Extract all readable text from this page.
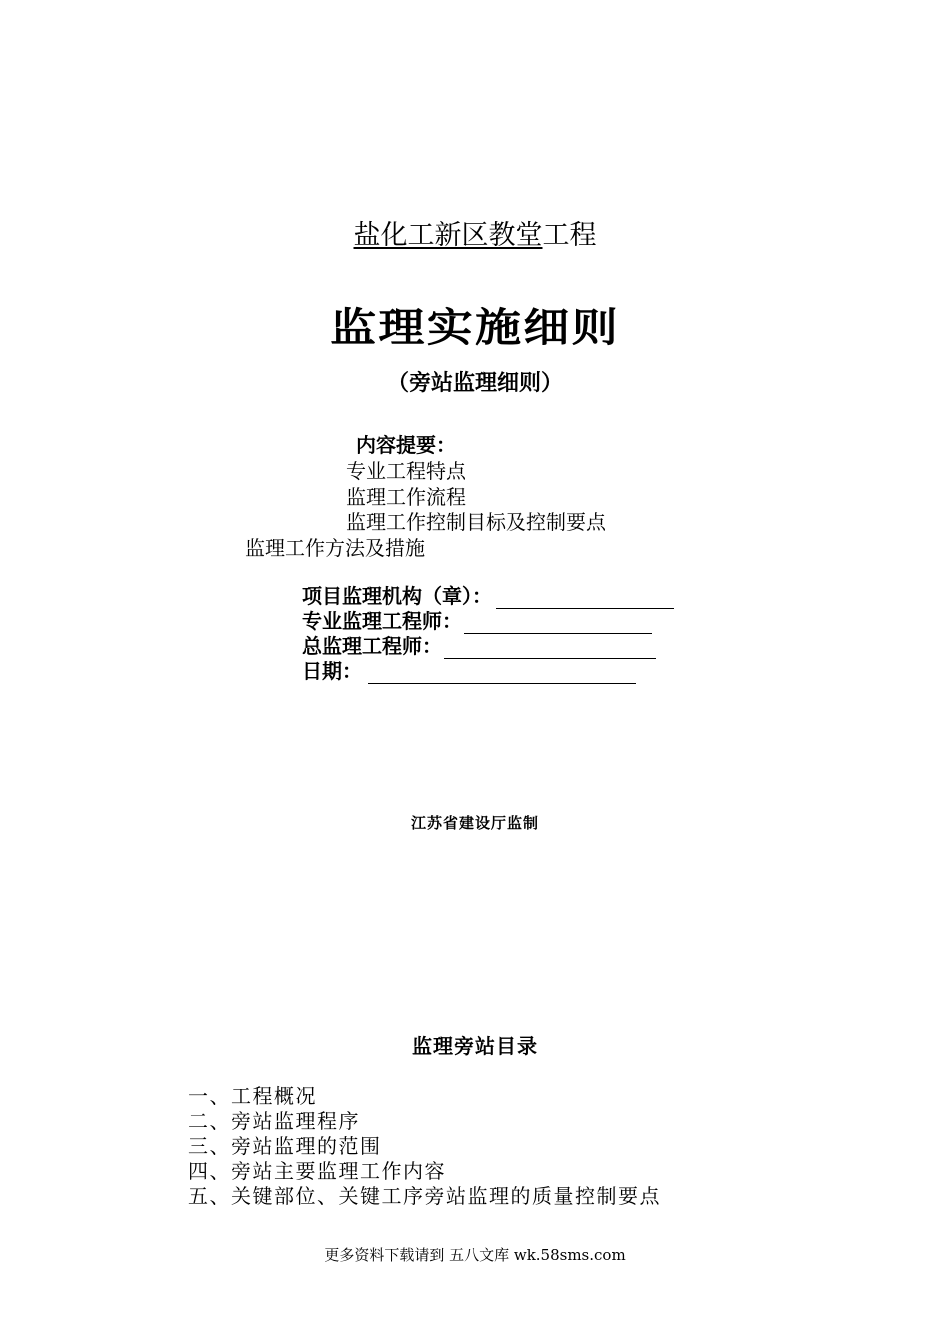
盐化工新区教堂工程
监理实施细则
（旁站监理细则）
内容提要：
专业工程特点
监理工作流程
监理工作控制目标及控制要点
监理工作方法及措施
项目监理机构（章）：
专业监理工程师：
总监理工程师：
日期：
江苏省建设厅监制
监理旁站目录
一、工程概况
二、旁站监理程序
三、旁站监理的范围
四、旁站主要监理工作内容
五、关键部位、关键工序旁站监理的质量控制要点
更多资料下载请到 五八文库 wk.58sms.com
